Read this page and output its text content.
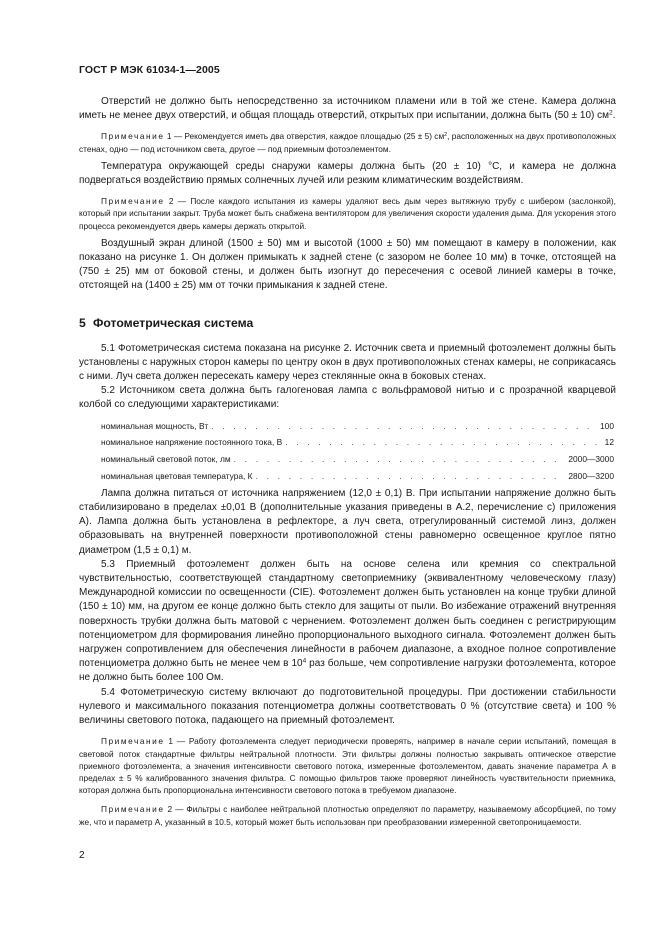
ГОСТ Р МЭК 61034-1—2005

Отверстий не должно быть непосредственно за источником пламени или в той же стене. Камера должна иметь не менее двух отверстий, и общая площадь отверстий, открытых при испытании, должна быть (50 ± 10) $см^2$.

Примечание 1 — Рекомендуется иметь два отверстия, каждое площадью (25 ± 5) $см^2$, расположенных на двух противоположных стенах, одно — под источником света, другое — под приемным фотоэлементом.

Температура окружающей среды снаружи камеры должна быть (20 ± 10) °С, и камера не должна подвергаться воздействию прямых солнечных лучей или резким климатическим воздействиям.

Примечание 2 — После каждого испытания из камеры удаляют весь дым через вытяжную трубу с шибером (заслонкой), который при испытании закрыт. Труба может быть снабжена вентилятором для увеличения скорости удаления дыма. Для ускорения этого процесса рекомендуется дверь камеры держать открытой.

Воздушный экран длиной (1500 ± 50) мм и высотой (1000 ± 50) мм помещают в камеру в положении, как показано на рисунке 1. Он должен примыкать к задней стене (с зазором не более 10 мм) в точке, отстоящей на (750 ± 25) мм от боковой стены, и должен быть изогнут до пересечения с осевой линией камеры в точке, отстоящей на (1400 ± 25) мм от точки примыкания к задней стене.

5 Фотометрическая система

5.1 Фотометрическая система показана на рисунке 2. Источник света и приемный фотоэлемент должны быть установлены с наружных сторон камеры по центру окон в двух противоположных стенах камеры, не соприкасаясь с ними. Луч света должен пересекать камеру через стеклянные окна в боковых стенах.

5.2 Источником света должна быть галогеновая лампа с вольфрамовой нитью и с прозрачной кварцевой колбой со следующими характеристиками:

номинальная мощность, Вт . . .	100
номинальное напряжение постоянного тока, В . . .	12
номинальный световой поток, лм . . .	2000—3000
номинальная цветовая температура, К . . .	2800—3200

Лампа должна питаться от источника напряжением (12,0 ± 0,1) В. При испытании напряжение должно быть стабилизировано в пределах ±0,01 В (дополнительные указания приведены в А.2, перечисление с) приложения А). Лампа должна быть установлена в рефлекторе, а луч света, отрегулированный системой линз, должен образовывать на внутренней поверхности противоположной стены равномерно освещенное круглое пятно диаметром (1,5 ± 0,1) м.

5.3 Приемный фотоэлемент должен быть на основе селена или кремния со спектральной чувствительностью, соответствующей стандартному светоприемнику (эквивалентному человеческому глазу) Международной комиссии по освещенности (CIE). Фотоэлемент должен быть установлен на конце трубки длиной (150 ± 10) мм, на другом ее конце должно быть стекло для защиты от пыли. Во избежание отражений внутренняя поверхность трубки должна быть матовой с чернением. Фотоэлемент должен быть соединен с регистрирующим потенциометром для формирования линейно пропорционального выходного сигнала. Фотоэлемент должен быть нагружен сопротивлением для обеспечения линейности в рабочем диапазоне, а входное полное сопротивление потенциометра должно быть не менее чем в $10^4$ раз больше, чем сопротивление нагрузки фотоэлемента, которое не должно быть более 100 Ом.

5.4 Фотометрическую систему включают до подготовительной процедуры. При достижении стабильности нулевого и максимального показания потенциометра должны соответствовать 0 % (отсутствие света) и 100 % величины светового потока, падающего на приемный фотоэлемент.

Примечание 1 — Работу фотоэлемента следует периодически проверять, например в начале серии испытаний, помещая в световой поток стандартные фильтры нейтральной плотности. Эти фильтры должны полностью закрывать оптическое отверстие приемного фотоэлемента, а значения интенсивности светового потока, измеренные фотоэлементом, давать значение параметра А в пределах ± 5 % калиброванного значения фильтра. С помощью фильтров также проверяют линейность чувствительности приемника, которая должна быть пропорциональна интенсивности светового потока в требуемом диапазоне.

Примечание 2 — Фильтры с наиболее нейтральной плотностью определяют по параметру, называемому абсорбцией, по тому же, что и параметр А, указанный в 10.5, который может быть использован при преобразовании измеренной светопроницаемости.

2
